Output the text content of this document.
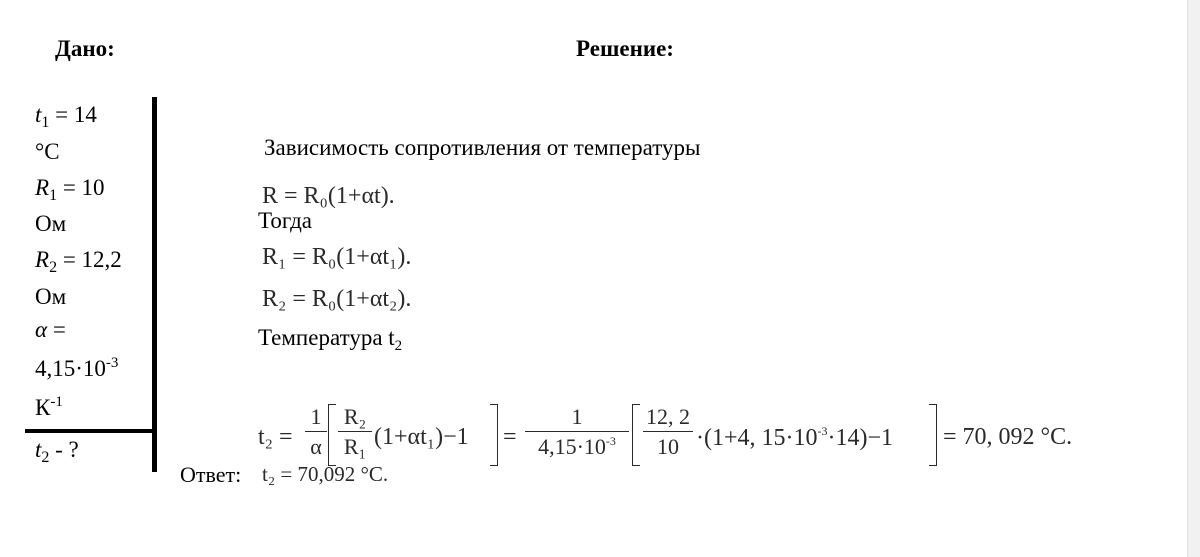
Дано:	Решение:
$t_1 = 14$
°C
$R_1 = 10$
Ом
$R_2 = 12,2$
Ом
α =
$4,15\cdot 10^{-3}$
$К^{-1}$
$t_2$ - ?
Зависимость сопротивления от температуры
R = R₀(1+αt).
Тогда
R₁ = R₀(1+αt₁).
R₂ = R₀(1+αt₂).
Температура $t_2$
$t_2 = \frac{1}{\alpha} \frac{\text{R₂}}{\text{R₁}} (1+\alpha t_1)-1 = \frac{1}{4,15\cdot 10^{-3}} \frac{12, 2}{10} \cdot(1+4$, $15\cdot 10^{-3}\cdot 14)-1 = 70$, 092 °C.
Ответ: t₂ = 70,092 °C.
